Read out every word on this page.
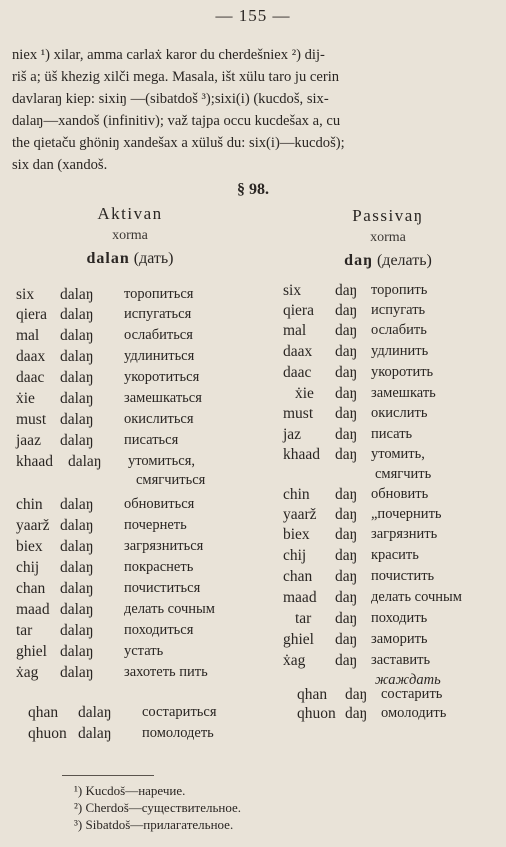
— 155 —
niex ¹) xilar, amma carlaẋ karor du cherdešniex ²) dij-
riš a; üš khezig xilči mega. Masala, išt xülu taro ju cerin
davlaraŋ kiep: sixiŋ —(sibatdoš ³);sixi(i) (kucdoš, six-
dalaŋ—xandoš (infinitiv); važ tajpa occu kucdešax a, cu
the qietaču ghöniŋ xandešax a xüluš du: six(i)—kucdoš);
six dan (xandoš.
§ 98.
Aktivan
xorma
dalan (дать)
Passivaŋ
xorma
daŋ (делать)
six dalaŋ торопиться
qiera dalaŋ испугаться
mal dalaŋ ослабиться
daax dalaŋ удлиниться
daac dalaŋ укоротиться
ẋie dalaŋ замешкаться
must dalaŋ окислиться
jaaz dalaŋ писаться
khaad dalaŋ утомиться,
смягчиться
chin dalaŋ обновиться
yaarž dalaŋ почернеть
biex dalaŋ загрязниться
chij dalaŋ покраснеть
chan dalaŋ почиститься
maad dalaŋ делать сочным
tar dalaŋ походиться
ghiel dalaŋ устать
ẋag dalaŋ захотеть пить
qhan dalaŋ состариться
qhuon dalaŋ помолодеть
six daŋ торопить
qiera daŋ испугать
mal daŋ ослабить
daax daŋ удлинить
daac daŋ укоротить
ẋie daŋ замешкать
must daŋ окислить
jaz daŋ писать
khaad daŋ утомить,
смягчить
chin daŋ обновить
yaarž daŋ „почернить
biex daŋ загрязнить
chij daŋ красить
chan daŋ почистить
maad daŋ делать сочным
tar daŋ походить
ghiel daŋ заморить
ẋag daŋ заставить
жаждать
qhan daŋ состарить
qhuon daŋ омолодить
¹) Kucdoš—наречие.
²) Cherdoš—существительное.
³) Sibatdoš—прилагательное.
